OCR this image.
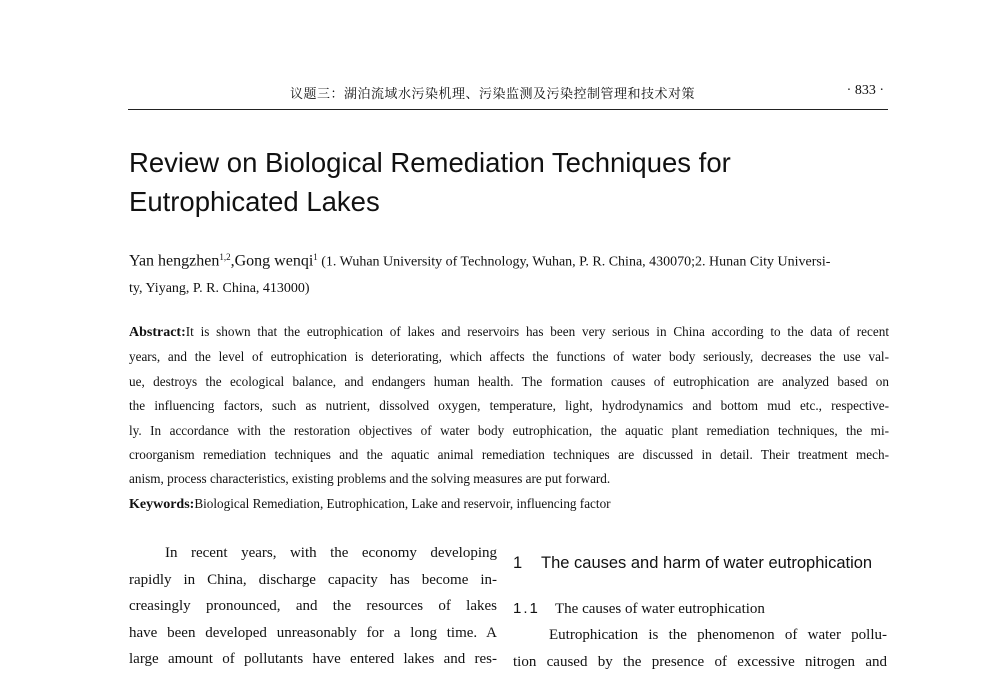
议题三：湖泊流域水污染机理、污染监测及污染控制管理和技术对策	· 833 ·
Review on Biological Remediation Techniques for
Eutrophicated Lakes
Yan hengzhen$^{1,2}$,Gong wenqi$^1$ (1. Wuhan University of Technology, Wuhan, P. R. China, 430070;2. Hunan City Universi-
ty, Yiyang, P. R. China, 413000)
Abstract:It is shown that the eutrophication of lakes and reservoirs has been very serious in China according to the data of recent
years, and the level of eutrophication is deteriorating, which affects the functions of water body seriously, decreases the use val-
ue, destroys the ecological balance, and endangers human health. The formation causes of eutrophication are analyzed based on
the influencing factors, such as nutrient, dissolved oxygen, temperature, light, hydrodynamics and bottom mud etc., respective-
ly. In accordance with the restoration objectives of water body eutrophication, the aquatic plant remediation techniques, the mi-
croorganism remediation techniques and the aquatic animal remediation techniques are discussed in detail. Their treatment mech-
anism, process characteristics, existing problems and the solving measures are put forward.
Keywords:Biological Remediation, Eutrophication, Lake and reservoir, influencing factor
In recent years, with the economy developing
rapidly in China, discharge capacity has become in-
creasingly pronounced, and the resources of lakes
have been developed unreasonably for a long time. A
large amount of pollutants have entered lakes and res-
1 The causes and harm of water eutrophication
1.1 The causes of water eutrophication
Eutrophication is the phenomenon of water pollu-
tion caused by the presence of excessive nitrogen and
